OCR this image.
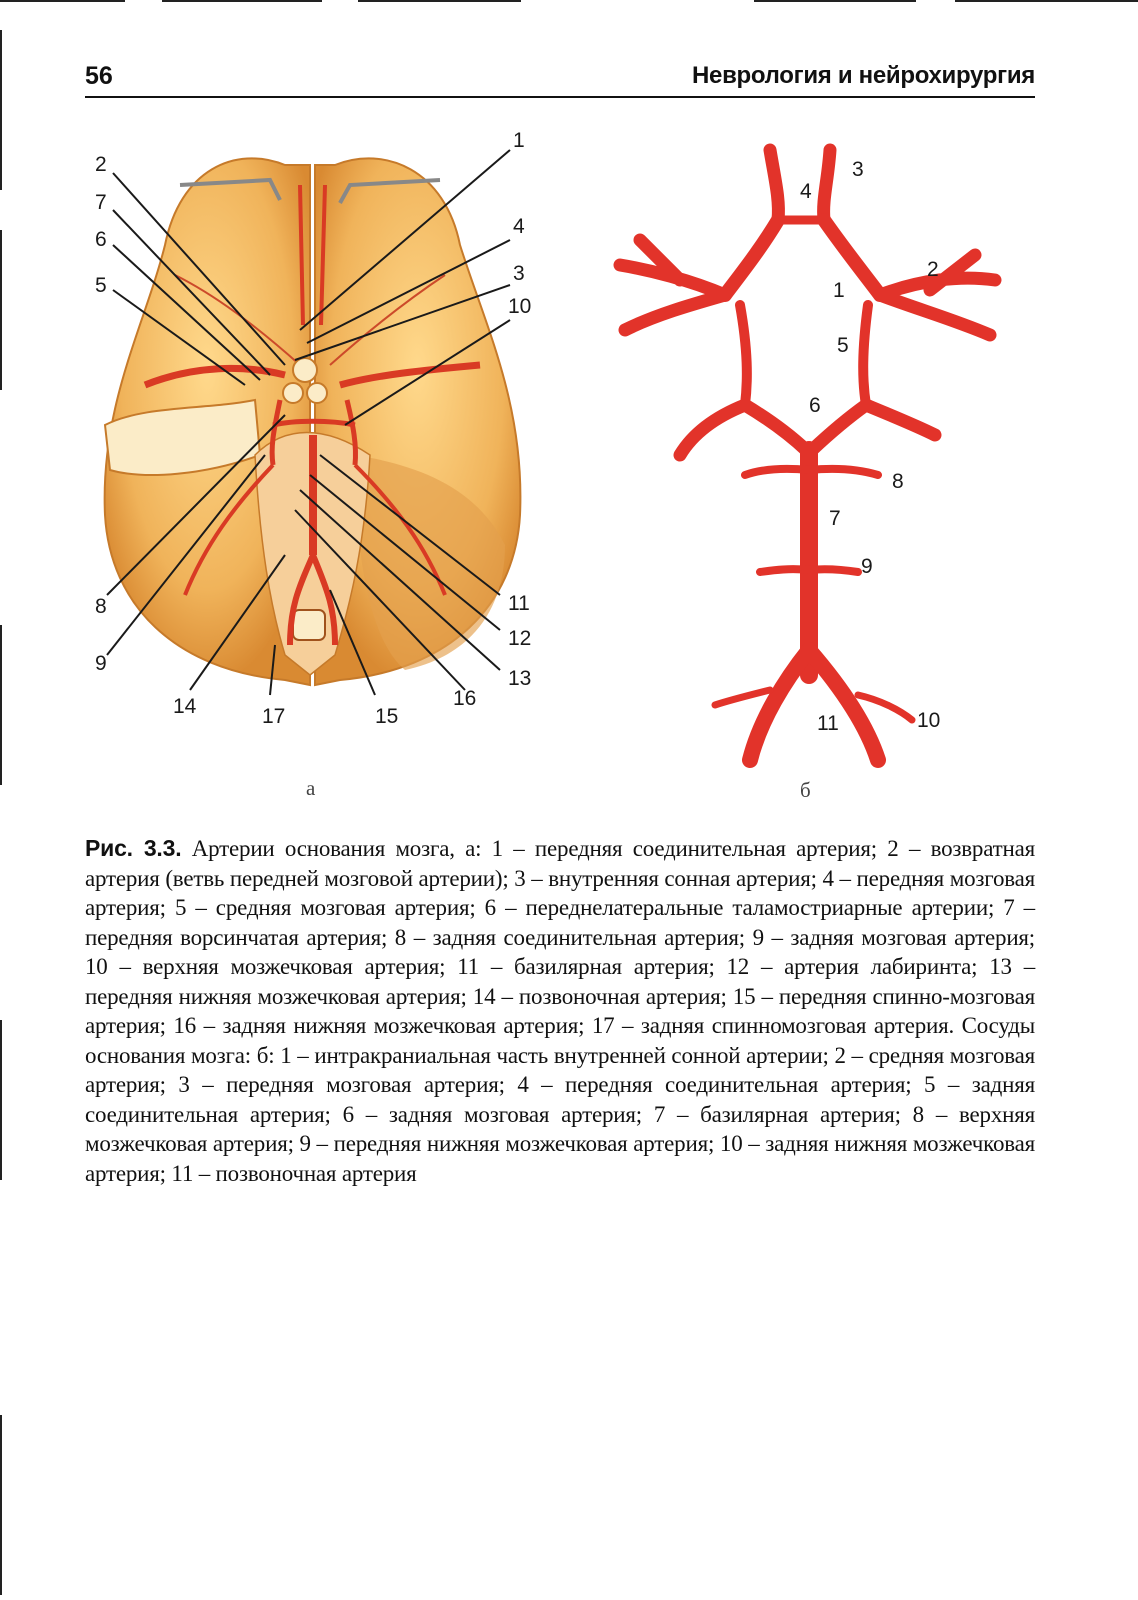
56	Неврология и нейрохирургия
1
2
7
6
5
4
3
10
8
9
11
12
13
16
14	17	15
а
3
4
2
1
5
6
8
7
9
11	10
б
Рис. 3.3. Артерии основания мозга, а: 1 – передняя соединительная артерия; 2 – возвратная артерия (ветвь передней мозговой артерии); 3 – внутренняя сонная артерия; 4 – передняя мозговая артерия; 5 – средняя мозговая артерия; 6 – переднелатеральные таламостриарные артерии; 7 – передняя ворсинчатая артерия; 8 – задняя соединительная артерия; 9 – задняя мозговая артерия; 10 – верхняя мозжечковая артерия; 11 – базилярная артерия; 12 – артерия лабиринта; 13 – передняя нижняя мозжечковая артерия; 14 – позвоночная артерия; 15 – передняя спинно-мозговая артерия; 16 – задняя нижняя мозжечковая артерия; 17 – задняя спинномозговая артерия. Сосуды основания мозга: б: 1 – интракраниальная часть внутренней сонной артерии; 2 – средняя мозговая артерия; 3 – передняя мозговая артерия; 4 – передняя соединительная артерия; 5 – задняя соединительная артерия; 6 – задняя мозговая артерия; 7 – базилярная артерия; 8 – верхняя мозжечковая артерия; 9 – передняя нижняя мозжечковая артерия; 10 – задняя нижняя мозжечковая артерия; 11 – позвоночная артерия
